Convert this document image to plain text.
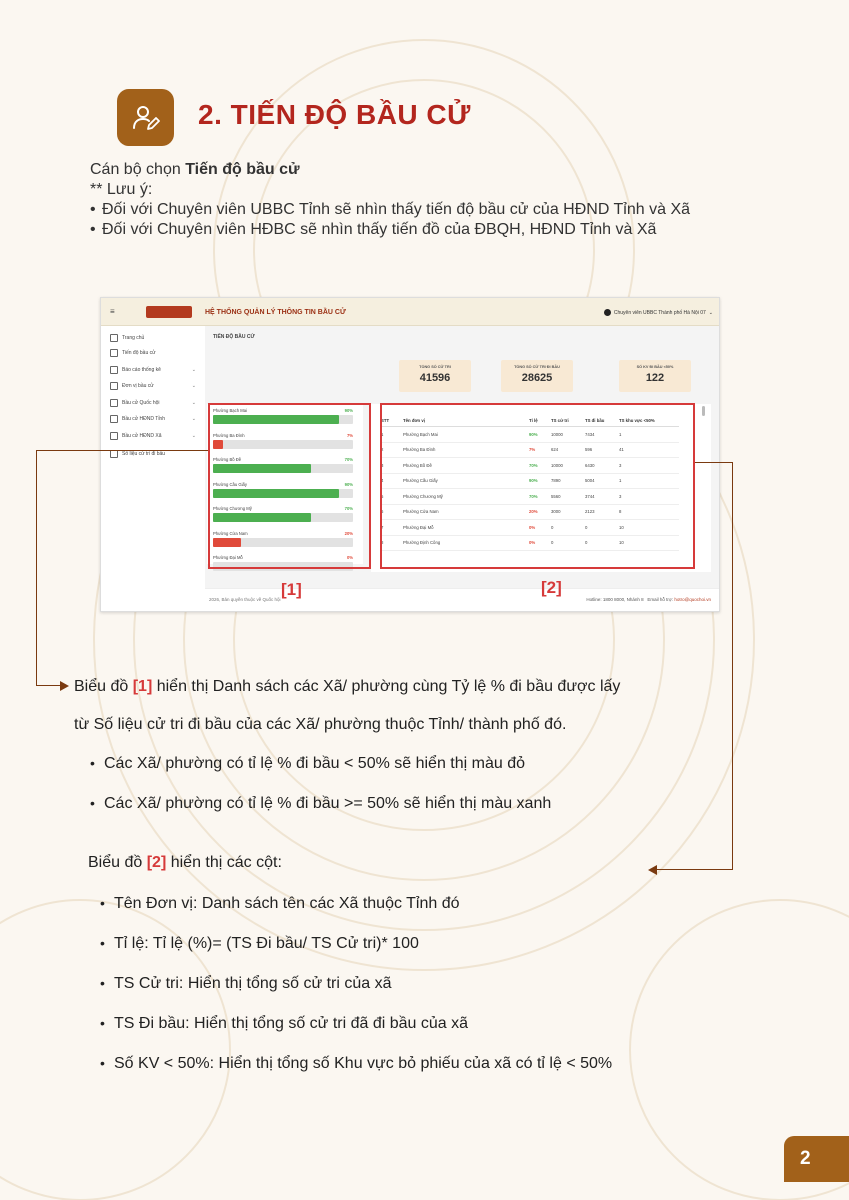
2. TIẾN ĐỘ BẦU CỬ
Cán bộ chọn Tiến độ bầu cử
** Lưu ý:
• Đối với Chuyên viên UBBC Tỉnh sẽ nhìn thấy tiến độ bầu cử của HĐND Tỉnh và Xã
• Đối với Chuyên viên HĐBC sẽ nhìn thấy tiến đồ của ĐBQH, HĐND Tỉnh và Xã
≡	HỆ THỐNG QUẢN LÝ THÔNG TIN BẦU CỬ	Chuyên viên UBBC Thành phố Hà Nội 07 ⌄
Trang chủ
Tiến độ bầu cử
Báo cáo thống kê	⌄
Đơn vị bầu cử	⌄
Bầu cử Quốc hội	⌄
Bầu cử HĐND Tỉnh	⌄
Bầu cử HĐND Xã	⌄
Số liệu cử tri đi bầu
TIẾN ĐỘ BẦU CỬ
TỔNG SỐ CỬ TRI
41596
TỔNG SỐ CỬ TRI ĐI BẦU
28625
SỐ KV ĐI BẦU <50%
122
Phường Bạch Mai	90%
Phường Ba Đình	7%
Phường Bồ Đề	70%
Phường Cầu Giấy	90%
Phường Chương Mỹ	70%
Phường Cửa Nam	20%
Phường Đại Mỗ	0%
STT	Tên đơn vị	Tỉ lệ	TS cử tri	TS đi bầu	TS khu vực <50%
1	Phường Bạch Mai	90%	10000	7434	1
2	Phường Ba Đình	7%	624	596	41
3	Phường Bồ Đề	70%	10000	6430	3
4	Phường Cầu Giấy	90%	7890	5004	1
5	Phường Chương Mỹ	70%	5560	3744	3
6	Phường Cửa Nam	20%	3000	2123	8
7	Phường Đại Mỗ	0%	0	0	10
8	Phường Định Công	0%	0	0	10
2026, Bản quyền thuộc về Quốc hội	Hotline: 1800 8000, Nhánh 8 Email hỗ trợ: hotro@quochoi.vn
[1]	[2]
Biểu đồ [1] hiển thị Danh sách các Xã/ phường cùng Tỷ lệ % đi bầu được lấy
từ Số liệu cử tri đi bầu của các Xã/ phường thuộc Tỉnh/ thành phố đó.
• Các Xã/ phường có tỉ lệ % đi bầu < 50% sẽ hiển thị màu đỏ
• Các Xã/ phường có tỉ lệ % đi bầu >= 50% sẽ hiển thị màu xanh
Biểu đồ [2] hiển thị các cột:
• Tên Đơn vị: Danh sách tên các Xã thuộc Tỉnh đó
• Tỉ lệ: Tỉ lệ (%)= (TS Đi bầu/ TS Cử tri)* 100
• TS Cử tri: Hiển thị tổng số cử tri của xã
• TS Đi bầu: Hiển thị tổng số cử tri đã đi bầu của xã
• Số KV < 50%: Hiển thị tổng số Khu vực bỏ phiếu của xã có tỉ lệ < 50%
2
